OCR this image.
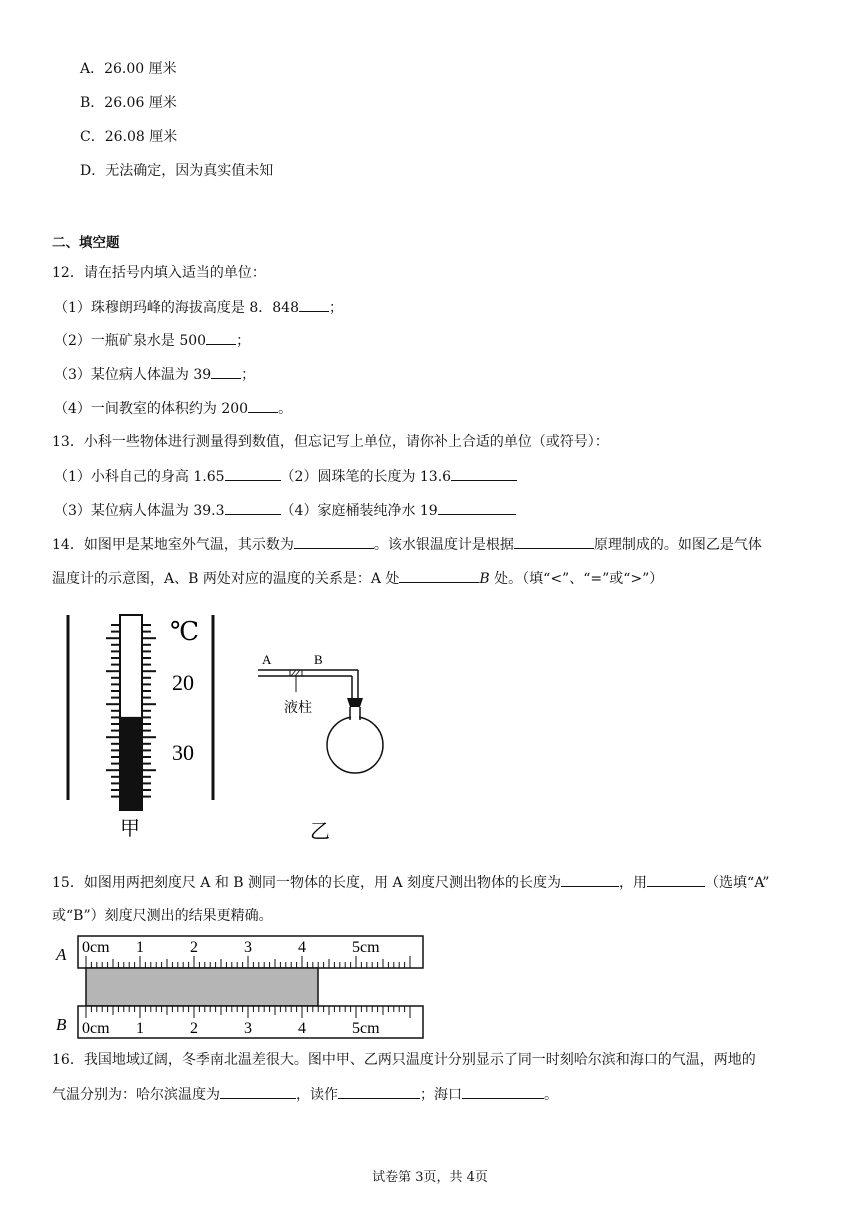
A．26.00 厘米
B．26.06 厘米
C．26.08 厘米
D．无法确定，因为真实值未知
二、填空题
12．请在括号内填入适当的单位：
（1）珠穆朗玛峰的海拔高度是 8．848 ；
（2）一瓶矿泉水是 500 ；
（3）某位病人体温为 39 ；
（4）一间教室的体积约为 200 。
13．小科一些物体进行测量得到数值，但忘记写上单位，请你补上合适的单位（或符号）：
（1）小科自己的身高 1.65	（2）圆珠笔的长度为 13.6
（3）某位病人体温为 39.3	（4）家庭桶装纯净水 19
14．如图甲是某地室外气温，其示数为	。该水银温度计是根据	原理制成的。如图乙是气体
温度计的示意图，A、B 两处对应的温度的关系是：A 处	B 处。（填“<”、“=”或“>”）
℃
20
30
甲
A	B
液柱
乙
15．如图用两把刻度尺 A 和 B 测同一物体的长度，用 A 刻度尺测出物体的长度为	，用	（选填“A”
或“B”）刻度尺测出的结果更精确。
A
B
0cm 1	2	3	4	5cm
0cm 1	2	3	4	5cm
16．我国地域辽阔，冬季南北温差很大。图中甲、乙两只温度计分别显示了同一时刻哈尔滨和海口的气温，两地的
气温分别为：哈尔滨温度为	，读作	；海口	。
试卷第 3页，共 4页
